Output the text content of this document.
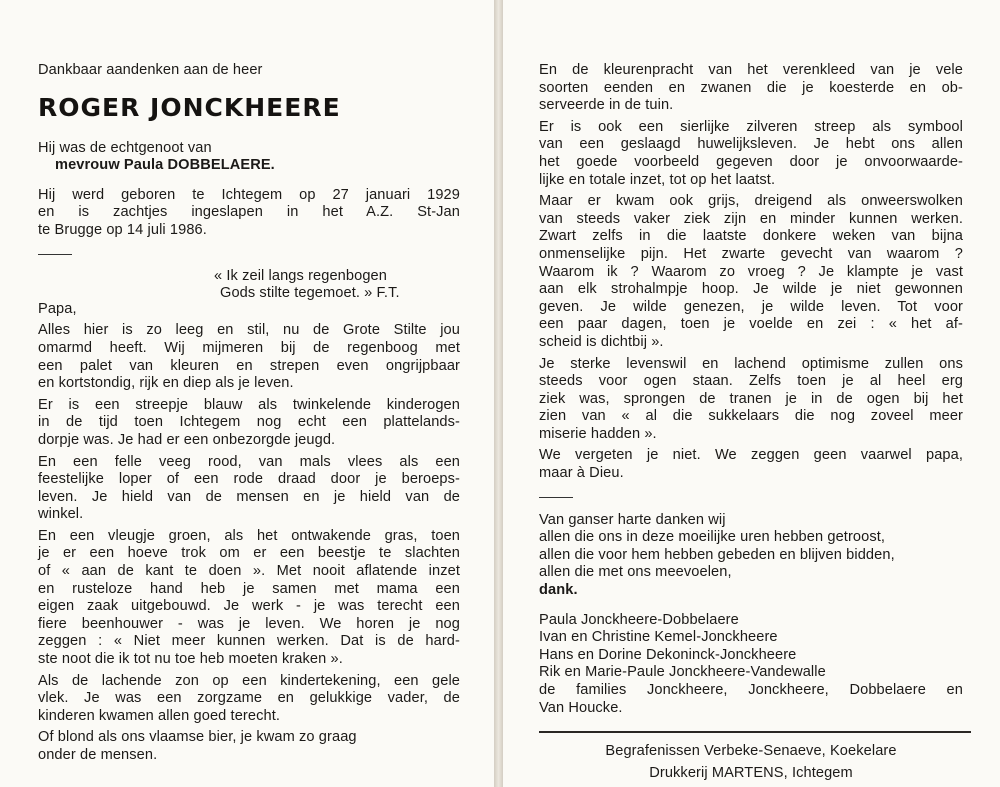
Dankbaar aandenken aan de heer
ROGER JONCKHEERE
Hij was de echtgenoot van
mevrouw Paula DOBBELAERE.
Hij werd geboren te Ichtegem op 27 januari 1929
en is zachtjes ingeslapen in het A.Z. St-Jan
te Brugge op 14 juli 1986.
« Ik zeil langs regenbogen
Gods stilte tegemoet. » F.T.
Papa,
Alles hier is zo leeg en stil, nu de Grote Stilte jou
omarmd heeft. Wij mijmeren bij de regenboog met
een palet van kleuren en strepen even ongrijpbaar
en kortstondig, rijk en diep als je leven.
Er is een streepje blauw als twinkelende kinderogen
in de tijd toen Ichtegem nog echt een plattelands-
dorpje was. Je had er een onbezorgde jeugd.
En een felle veeg rood, van mals vlees als een
feestelijke loper of een rode draad door je beroeps-
leven. Je hield van de mensen en je hield van de
winkel.
En een vleugje groen, als het ontwakende gras, toen
je er een hoeve trok om er een beestje te slachten
of « aan de kant te doen ». Met nooit aflatende inzet
en rusteloze hand heb je samen met mama een
eigen zaak uitgebouwd. Je werk - je was terecht een
fiere beenhouwer - was je leven. We horen je nog
zeggen : « Niet meer kunnen werken. Dat is de hard-
ste noot die ik tot nu toe heb moeten kraken ».
Als de lachende zon op een kindertekening, een gele
vlek. Je was een zorgzame en gelukkige vader, de
kinderen kwamen allen goed terecht.
Of blond als ons vlaamse bier, je kwam zo graag
onder de mensen.
En de kleurenpracht van het verenkleed van je vele
soorten eenden en zwanen die je koesterde en ob-
serveerde in de tuin.
Er is ook een sierlijke zilveren streep als symbool
van een geslaagd huwelijksleven. Je hebt ons allen
het goede voorbeeld gegeven door je onvoorwaarde-
lijke en totale inzet, tot op het laatst.
Maar er kwam ook grijs, dreigend als onweerswolken
van steeds vaker ziek zijn en minder kunnen werken.
Zwart zelfs in die laatste donkere weken van bijna
onmenselijke pijn. Het zwarte gevecht van waarom ?
Waarom ik ? Waarom zo vroeg ? Je klampte je vast
aan elk strohalmpje hoop. Je wilde je niet gewonnen
geven. Je wilde genezen, je wilde leven. Tot voor
een paar dagen, toen je voelde en zei : « het af-
scheid is dichtbij ».
Je sterke levenswil en lachend optimisme zullen ons
steeds voor ogen staan. Zelfs toen je al heel erg
ziek was, sprongen de tranen je in de ogen bij het
zien van « al die sukkelaars die nog zoveel meer
miserie hadden ».
We vergeten je niet. We zeggen geen vaarwel papa,
maar à Dieu.
Van ganser harte danken wij
allen die ons in deze moeilijke uren hebben getroost,
allen die voor hem hebben gebeden en blijven bidden,
allen die met ons meevoelen,
dank.
Paula Jonckheere-Dobbelaere
Ivan en Christine Kemel-Jonckheere
Hans en Dorine Dekoninck-Jonckheere
Rik en Marie-Paule Jonckheere-Vandewalle
de families Jonckheere, Jonckheere, Dobbelaere en
Van Houcke.
Begrafenissen Verbeke-Senaeve, Koekelare
Drukkerij MARTENS, Ichtegem
